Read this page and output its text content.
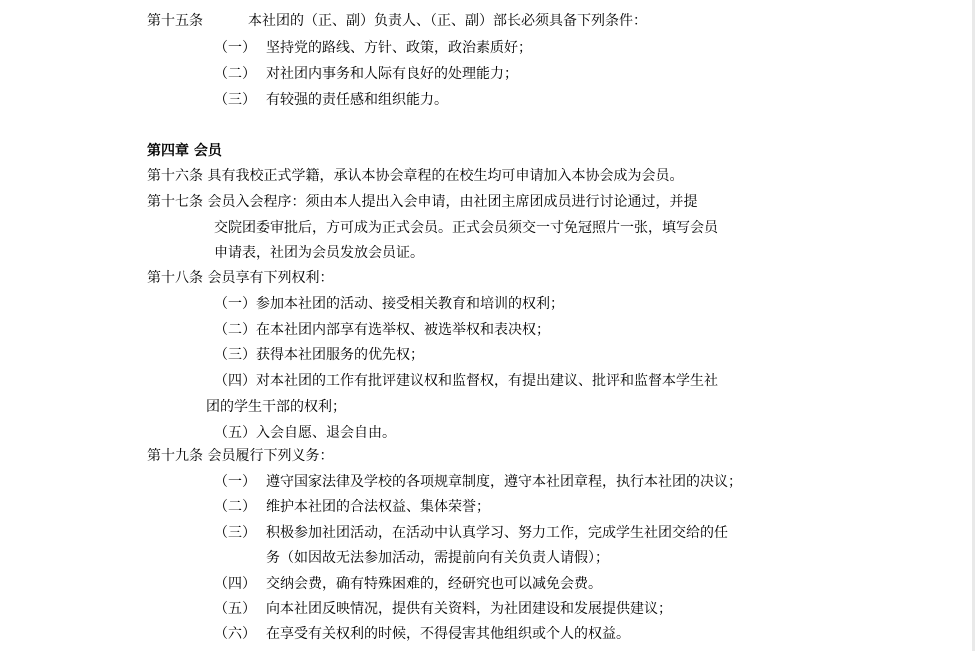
第十五条	本社团的（正、副）负责人、（正、副）部长必须具备下列条件：
（一） 坚持党的路线、方针、政策，政治素质好；
（二） 对社团内事务和人际有良好的处理能力；
（三） 有较强的责任感和组织能力。
第四章 会员
第十六条 具有我校正式学籍，承认本协会章程的在校生均可申请加入本协会成为会员。
第十七条 会员入会程序：须由本人提出入会申请，由社团主席团成员进行讨论通过，并提
交院团委审批后，方可成为正式会员。正式会员须交一寸免冠照片一张，填写会员
申请表，社团为会员发放会员证。
第十八条 会员享有下列权利：
（一）参加本社团的活动、接受相关教育和培训的权利；
（二）在本社团内部享有选举权、被选举权和表决权；
（三）获得本社团服务的优先权；
（四）对本社团的工作有批评建议权和监督权，有提出建议、批评和监督本学生社
团的学生干部的权利；
（五）入会自愿、退会自由。
第十九条 会员履行下列义务：
（一） 遵守国家法律及学校的各项规章制度，遵守本社团章程，执行本社团的决议；
（二） 维护本社团的合法权益、集体荣誉；
（三） 积极参加社团活动，在活动中认真学习、努力工作，完成学生社团交给的任
务（如因故无法参加活动，需提前向有关负责人请假）；
（四） 交纳会费，确有特殊困难的，经研究也可以减免会费。
（五） 向本社团反映情况，提供有关资料，为社团建设和发展提供建议；
（六） 在享受有关权利的时候，不得侵害其他组织或个人的权益。
